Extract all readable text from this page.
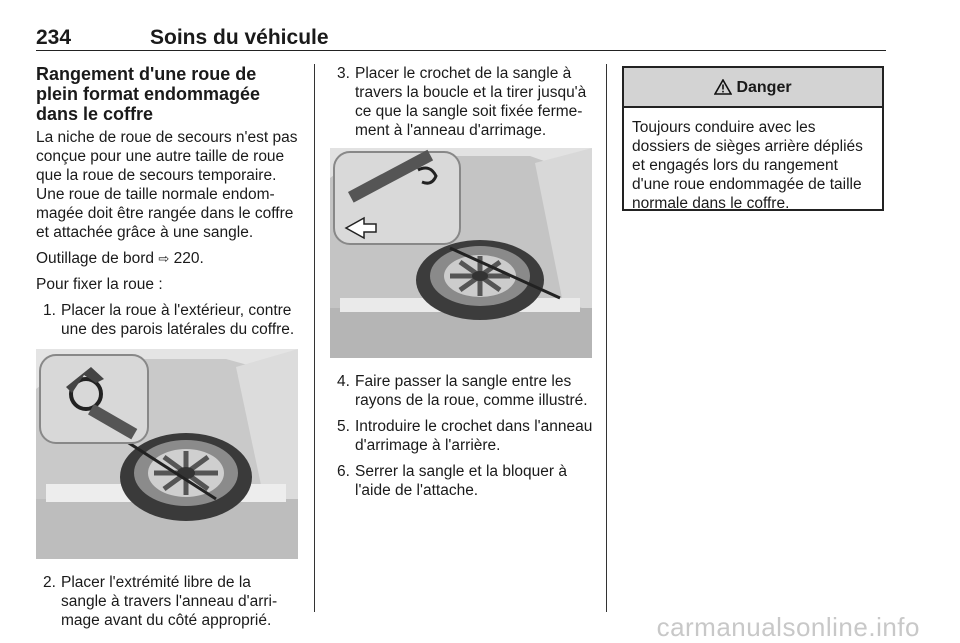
234	Soins du véhicule
Rangement d'une roue de plein format endommagée dans le coffre

La niche de roue de secours n'est pas conçue pour une autre taille de roue que la roue de secours temporaire. Une roue de taille normale endommagée doit être rangée dans le coffre et attachée grâce à une sangle.

Outillage de bord ⇨ 220.

Pour fixer la roue :

1. Placer la roue à l'extérieur, contre une des parois latérales du coffre.
2. Placer l'extrémité libre de la sangle à travers l'anneau d'arrimage avant du côté approprié.
3. Placer le crochet de la sangle à travers la boucle et la tirer jusqu'à ce que la sangle soit fixée fermement à l'anneau d'arrimage.
4. Faire passer la sangle entre les rayons de la roue, comme illustré.
5. Introduire le crochet dans l'anneau d'arrimage à l'arrière.
6. Serrer la sangle et la bloquer à l'aide de l'attache.
Danger
Toujours conduire avec les dossiers de sièges arrière dépliés et engagés lors du rangement d'une roue endommagée de taille normale dans le coffre.
carmanualsonline.info
